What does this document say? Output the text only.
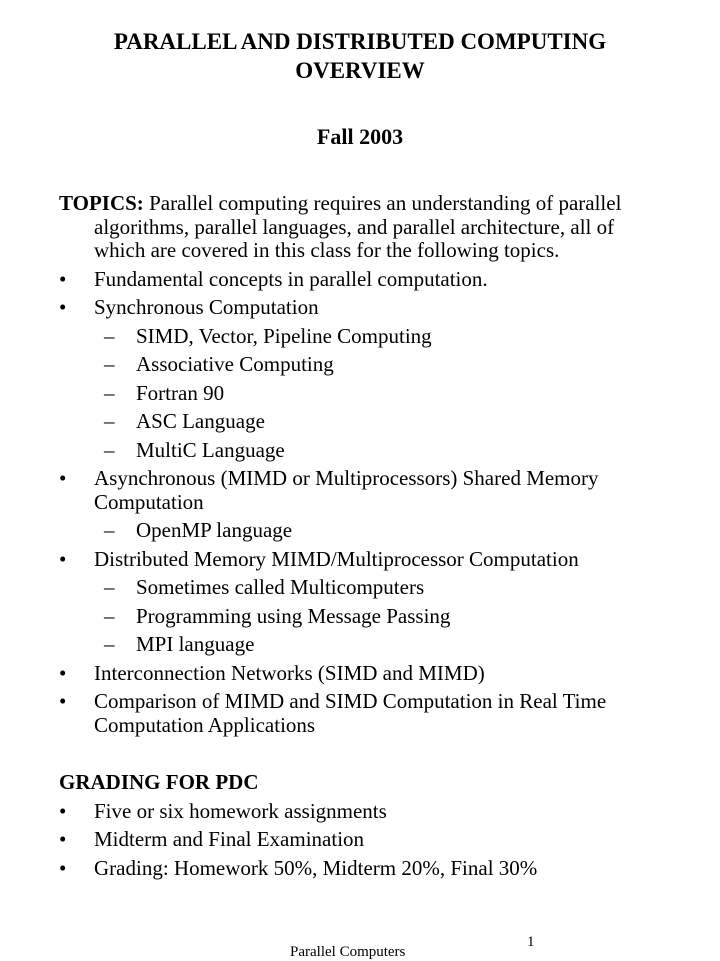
PARALLEL AND DISTRIBUTED COMPUTING
OVERVIEW
Fall 2003

TOPICS: Parallel computing requires an understanding of parallel algorithms, parallel languages, and parallel architecture, all of which are covered in this class for the following topics.

• Fundamental concepts in parallel computation.
• Synchronous Computation
– SIMD, Vector, Pipeline Computing
– Associative Computing
– Fortran 90
– ASC Language
– MultiC Language
• Asynchronous (MIMD or Multiprocessors) Shared Memory Computation
– OpenMP language
• Distributed Memory MIMD/Multiprocessor Computation
– Sometimes called Multicomputers
– Programming using Message Passing
– MPI language
• Interconnection Networks (SIMD and MIMD)
• Comparison of MIMD and SIMD Computation in Real Time Computation Applications
GRADING FOR PDC
• Five or six homework assignments
• Midterm and Final Examination
• Grading: Homework 50%, Midterm 20%, Final 30%
Parallel Computers
1
